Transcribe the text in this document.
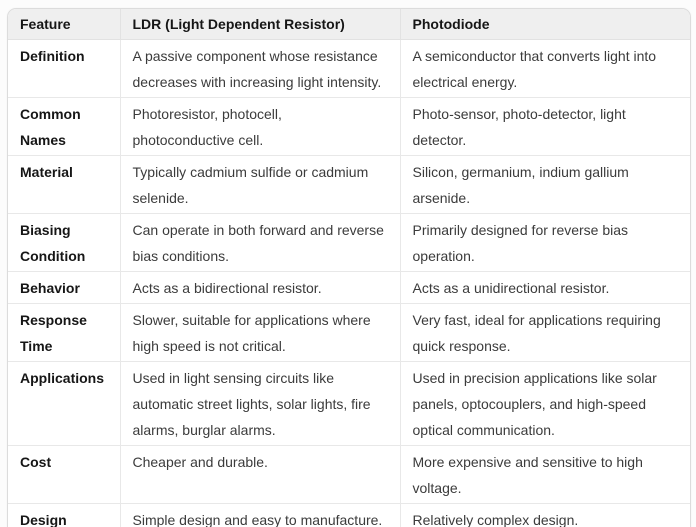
Feature	LDR (Light Dependent Resistor)	Photodiode
Definition	A passive component whose resistance decreases with increasing light intensity.	A semiconductor that converts light into electrical energy.
Common Names	Photoresistor, photocell, photoconductive cell.	Photo-sensor, photo-detector, light detector.
Material	Typically cadmium sulfide or cadmium selenide.	Silicon, germanium, indium gallium arsenide.
Biasing Condition	Can operate in both forward and reverse bias conditions.	Primarily designed for reverse bias operation.
Behavior	Acts as a bidirectional resistor.	Acts as a unidirectional resistor.
Response Time	Slower, suitable for applications where high speed is not critical.	Very fast, ideal for applications requiring quick response.
Applications	Used in light sensing circuits like automatic street lights, solar lights, fire alarms, burglar alarms.	Used in precision applications like solar panels, optocouplers, and high-speed optical communication.
Cost	Cheaper and durable.	More expensive and sensitive to high voltage.
Design	Simple design and easy to manufacture.	Relatively complex design.
